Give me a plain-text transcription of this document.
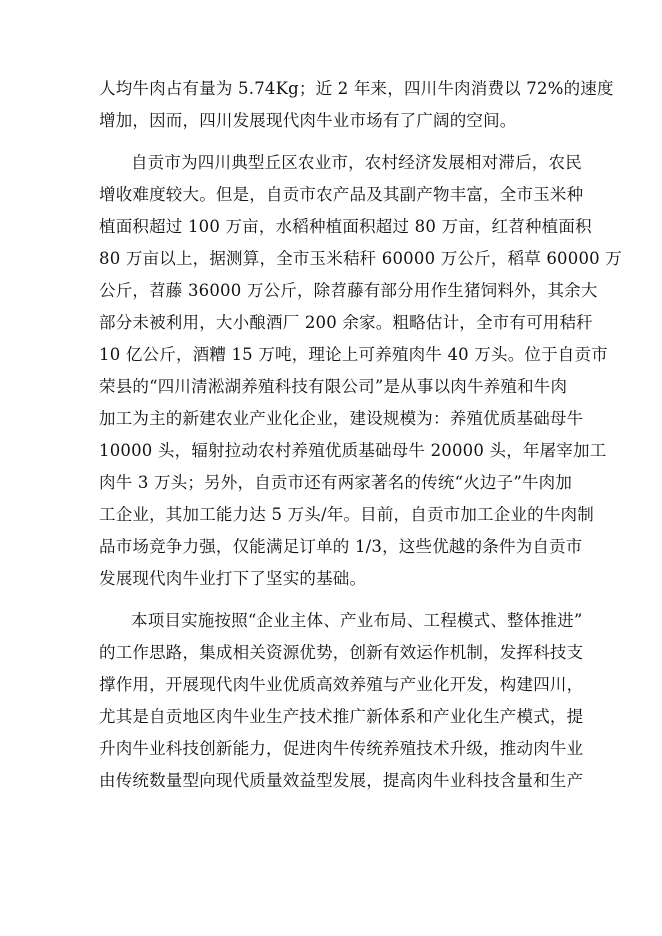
人均牛肉占有量为 5.74Kg；近 2 年来，四川牛肉消费以 72%的速度
增加，因而，四川发展现代肉牛业市场有了广阔的空间。
自贡市为四川典型丘区农业市，农村经济发展相对滞后，农民
增收难度较大。但是，自贡市农产品及其副产物丰富，全市玉米种
植面积超过 100 万亩，水稻种植面积超过 80 万亩，红苕种植面积
80 万亩以上，据测算，全市玉米秸秆 60000 万公斤，稻草 60000 万
公斤，苕藤 36000 万公斤，除苕藤有部分用作生猪饲料外，其余大
部分未被利用，大小酿酒厂 200 余家。粗略估计，全市有可用秸秆
10 亿公斤，酒糟 15 万吨，理论上可养殖肉牛 40 万头。位于自贡市
荣县的“四川清淞湖养殖科技有限公司”是从事以肉牛养殖和牛肉
加工为主的新建农业产业化企业，建设规模为：养殖优质基础母牛
10000 头，辐射拉动农村养殖优质基础母牛 20000 头，年屠宰加工
肉牛 3 万头；另外，自贡市还有两家著名的传统“火边子”牛肉加
工企业，其加工能力达 5 万头/年。目前，自贡市加工企业的牛肉制
品市场竞争力强，仅能满足订单的 1/3，这些优越的条件为自贡市
发展现代肉牛业打下了坚实的基础。
本项目实施按照“企业主体、产业布局、工程模式、整体推进”
的工作思路，集成相关资源优势，创新有效运作机制，发挥科技支
撑作用，开展现代肉牛业优质高效养殖与产业化开发，构建四川，
尤其是自贡地区肉牛业生产技术推广新体系和产业化生产模式，提
升肉牛业科技创新能力，促进肉牛传统养殖技术升级，推动肉牛业
由传统数量型向现代质量效益型发展，提高肉牛业科技含量和生产
